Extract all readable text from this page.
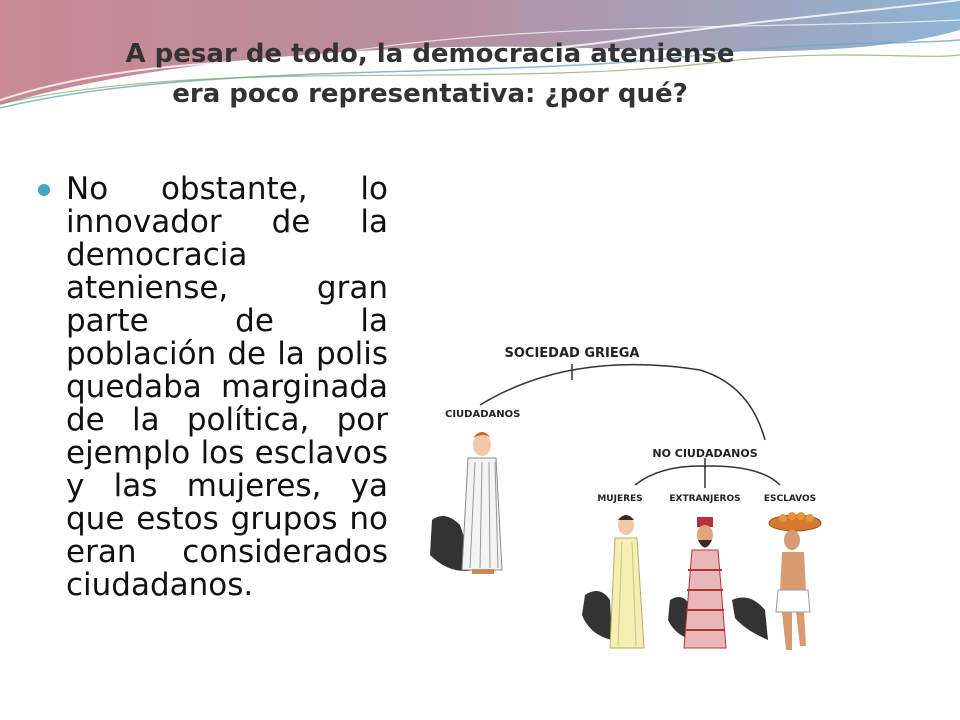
A pesar de todo, la democracia ateniense
era poco representativa: ¿por qué?
No obstante, lo innovador de la democracia ateniense, gran parte de la población de la polis quedaba marginada de la política, por ejemplo los esclavos y las mujeres, ya que estos grupos no eran considerados ciudadanos.
SOCIEDAD GRIEGA
CIUDADANOS
NO CIUDADANOS
MUJERES	EXTRANJEROS	ESCLAVOS
